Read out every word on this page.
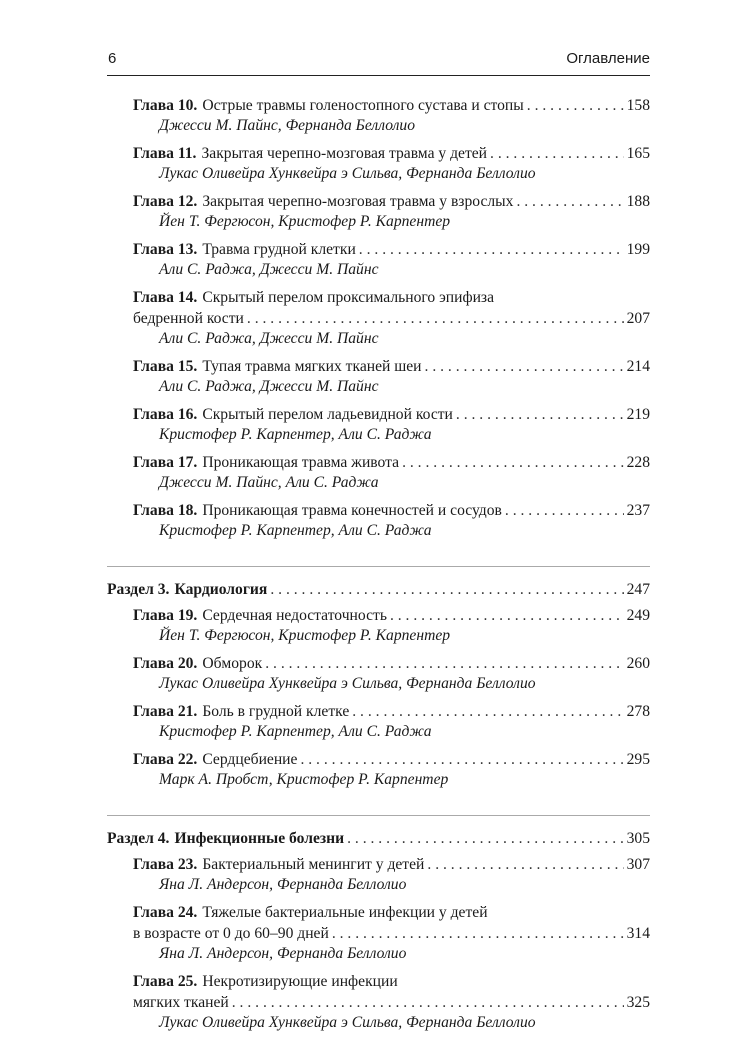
6	Оглавление
Глава 10. Острые травмы голеностопного сустава и стопы . . .	158
Джесси М. Пайнс, Фернанда Беллолио
Глава 11. Закрытая черепно-мозговая травма у детей . . .	165
Лукас Оливейра Хунквейра э Сильва, Фернанда Беллолио
Глава 12. Закрытая черепно-мозговая травма у взрослых . . .	188
Йен Т. Фергюсон, Кристофер Р. Карпентер
Глава 13. Травма грудной клетки . . .	199
Али С. Раджа, Джесси М. Пайнс
Глава 14. Скрытый перелом проксимального эпифиза
бедренной кости . . .	207
Али С. Раджа, Джесси М. Пайнс
Глава 15. Тупая травма мягких тканей шеи . . .	214
Али С. Раджа, Джесси М. Пайнс
Глава 16. Скрытый перелом ладьевидной кости . . .	219
Кристофер Р. Карпентер, Али С. Раджа
Глава 17. Проникающая травма живота . . .	228
Джесси М. Пайнс, Али С. Раджа
Глава 18. Проникающая травма конечностей и сосудов . . .	237
Кристофер Р. Карпентер, Али С. Раджа
Раздел 3. Кардиология . . .	247
Глава 19. Сердечная недостаточность . . .	249
Йен Т. Фергюсон, Кристофер Р. Карпентер
Глава 20. Обморок . . .	260
Лукас Оливейра Хунквейра э Сильва, Фернанда Беллолио
Глава 21. Боль в грудной клетке . . .	278
Кристофер Р. Карпентер, Али С. Раджа
Глава 22. Сердцебиение . . .	295
Марк А. Пробст, Кристофер Р. Карпентер
Раздел 4. Инфекционные болезни . . .	305
Глава 23. Бактериальный менингит у детей . . .	307
Яна Л. Андерсон, Фернанда Беллолио
Глава 24. Тяжелые бактериальные инфекции у детей
в возрасте от 0 до 60–90 дней . . .	314
Яна Л. Андерсон, Фернанда Беллолио
Глава 25. Некротизирующие инфекции
мягких тканей . . .	325
Лукас Оливейра Хунквейра э Сильва, Фернанда Беллолио
